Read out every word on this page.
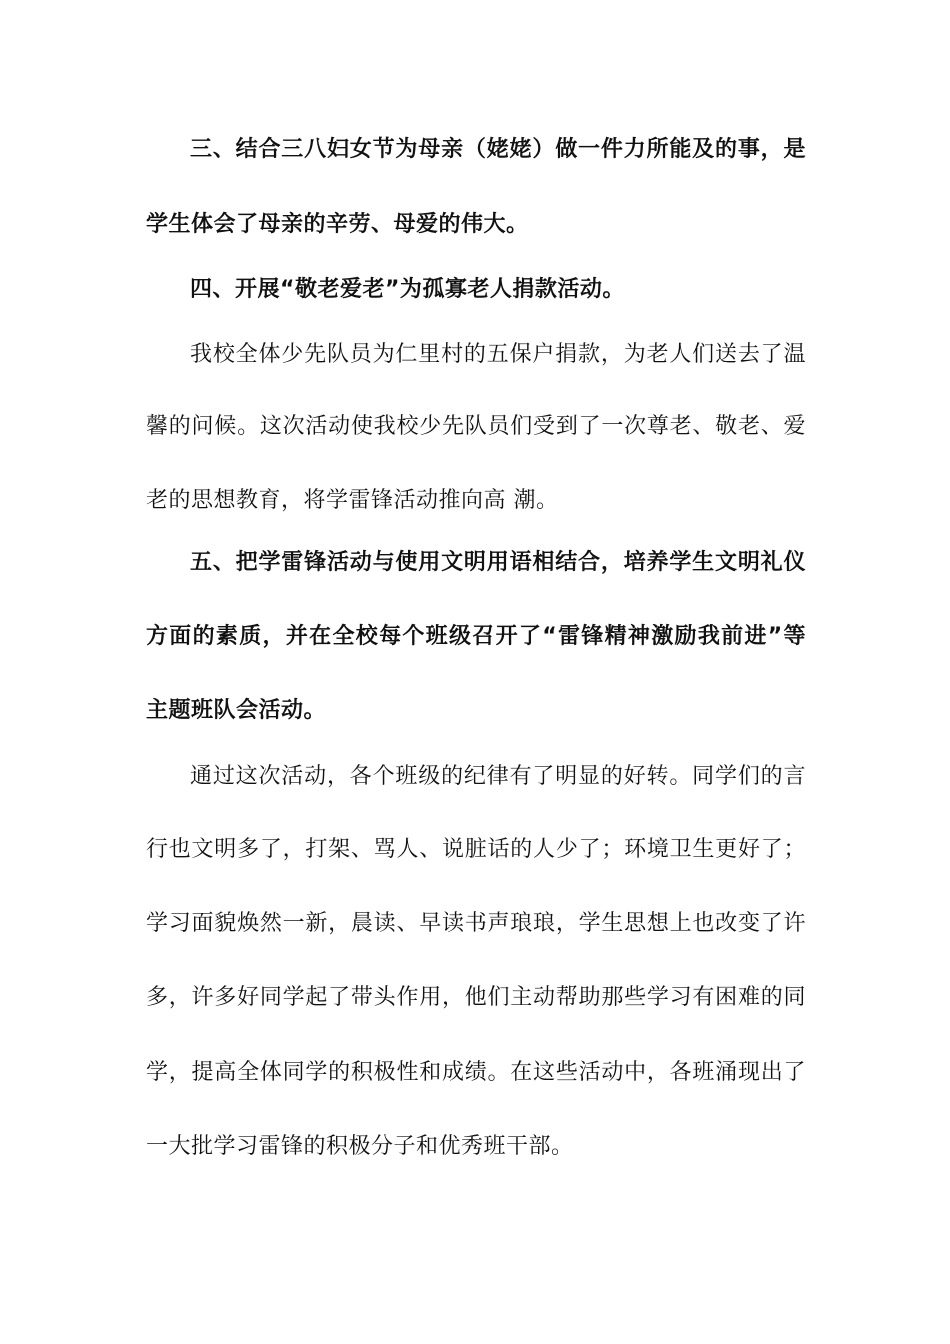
三、结合三八妇女节为母亲（姥姥）做一件力所能及的事，是
学生体会了母亲的辛劳、母爱的伟大。
四、开展“敬老爱老”为孤寡老人捐款活动。
我校全体少先队员为仁里村的五保户捐款，为老人们送去了温
馨的问候。这次活动使我校少先队员们受到了一次尊老、敬老、爱
老的思想教育，将学雷锋活动推向高 潮。
五、把学雷锋活动与使用文明用语相结合，培养学生文明礼仪
方面的素质，并在全校每个班级召开了“雷锋精神激励我前进”等
主题班队会活动。
通过这次活动，各个班级的纪律有了明显的好转。同学们的言
行也文明多了，打架、骂人、说脏话的人少了；环境卫生更好了；
学习面貌焕然一新，晨读、早读书声琅琅，学生思想上也改变了许
多，许多好同学起了带头作用，他们主动帮助那些学习有困难的同
学，提高全体同学的积极性和成绩。在这些活动中，各班涌现出了
一大批学习雷锋的积极分子和优秀班干部。
